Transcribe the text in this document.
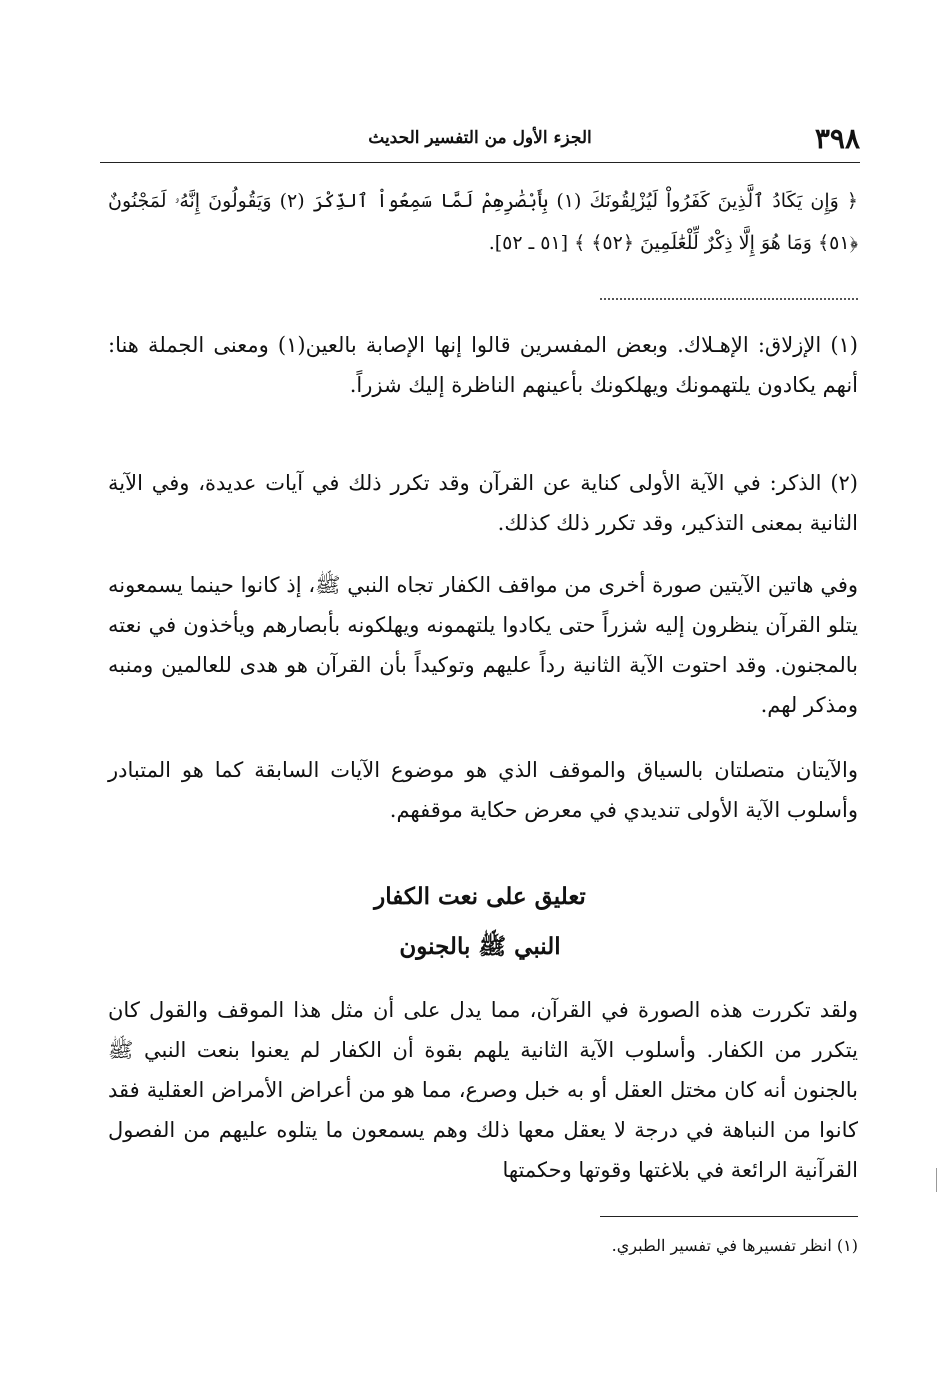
٣٩٨
الجزء الأول من التفسير الحديث
﴿ وَإِن يَكَادُ ٱلَّذِينَ كَفَرُواْ لَيُزْلِقُونَكَ (١) بِأَبْصَٰرِهِمْ لَمَّا سَمِعُواْ ٱلذِّكْرَ (٢) وَيَقُولُونَ إِنَّهُۥ لَمَجْنُونٌ ﴿٥١﴾ وَمَا هُوَ إِلَّا ذِكْرٌ لِّلْعَٰلَمِينَ ﴿٥٢﴾ ﴾ [٥١ ـ ٥٢].
(١) الإزلاق: الإهـلاك. وبعض المفسرين قالوا إنها الإصابة بالعين(١) ومعنى الجملة هنا: أنهم يكادون يلتهمونك ويهلكونك بأعينهم الناظرة إليك شزراً.
(٢) الذكر: في الآية الأولى كناية عن القرآن وقد تكرر ذلك في آيات عديدة، وفي الآية الثانية بمعنى التذكير، وقد تكرر ذلك كذلك.
وفي هاتين الآيتين صورة أخرى من مواقف الكفار تجاه النبي ﷺ، إذ كانوا حينما يسمعونه يتلو القرآن ينظرون إليه شزراً حتى يكادوا يلتهمونه ويهلكونه بأبصارهم ويأخذون في نعته بالمجنون. وقد احتوت الآية الثانية رداً عليهم وتوكيداً بأن القرآن هو هدى للعالمين ومنبه ومذكر لهم.
والآيتان متصلتان بالسياق والموقف الذي هو موضوع الآيات السابقة كما هو المتبادر وأسلوب الآية الأولى تنديدي في معرض حكاية موقفهم.
تعليق على نعت الكفار
النبي ﷺ بالجنون
ولقد تكررت هذه الصورة في القرآن، مما يدل على أن مثل هذا الموقف والقول كان يتكرر من الكفار. وأسلوب الآية الثانية يلهم بقوة أن الكفار لم يعنوا بنعت النبي ﷺ بالجنون أنه كان مختل العقل أو به خبل وصرع، مما هو من أعراض الأمراض العقلية فقد كانوا من النباهة في درجة لا يعقل معها ذلك وهم يسمعون ما يتلوه عليهم من الفصول القرآنية الرائعة في بلاغتها وقوتها وحكمتها
(١) انظر تفسيرها في تفسير الطبري.
